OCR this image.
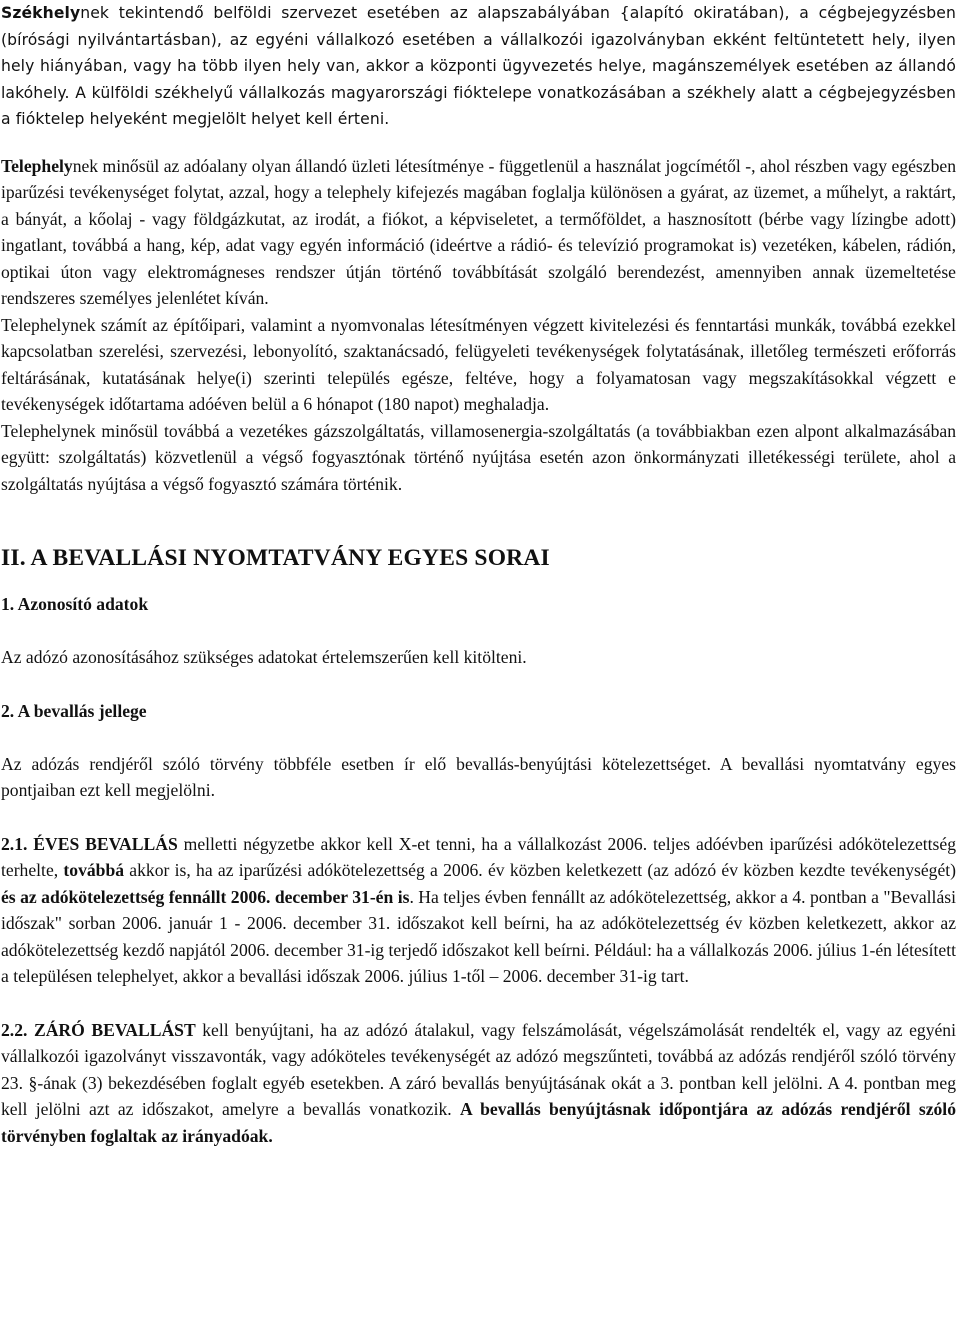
Székhelynek tekintendő belföldi szervezet esetében az alapszabályában {alapító okiratában), a cégbejegyzésben (bírósági nyilvántartásban), az egyéni vállalkozó esetében a vállalkozói igazolványban ekként feltüntetett hely, ilyen hely hiányában, vagy ha több ilyen hely van, akkor a központi ügyvezetés helye, magánszemélyek esetében az állandó lakóhely. A külföldi székhelyű vállalkozás magyarországi fióktelepe vonatkozásában a székhely alatt a cégbejegyzésben a fióktelep helyeként megjelölt helyet kell érteni.

Telephelynek minősül az adóalany olyan állandó üzleti létesítménye - függetlenül a használat jogcímétől -, ahol részben vagy egészben iparűzési tevékenységet folytat, azzal, hogy a telephely kifejezés magában foglalja különösen a gyárat, az üzemet, a műhelyt, a raktárt, a bányát, a kőolaj - vagy földgázkutat, az irodát, a fiókot, a képviseletet, a termőföldet, a hasznosított (bérbe vagy lízingbe adott) ingatlant, továbbá a hang, kép, adat vagy egyén információ (ideértve a rádió- és televízió programokat is) vezetéken, kábelen, rádión, optikai úton vagy elektromágneses rendszer útján történő továbbítását szolgáló berendezést, amennyiben annak üzemeltetése rendszeres személyes jelenlétet kíván.

Telephelynek számít az építőipari, valamint a nyomvonalas létesítményen végzett kivitelezési és fenntartási munkák, továbbá ezekkel kapcsolatban szerelési, szervezési, lebonyolító, szaktanácsadó, felügyeleti tevékenységek folytatásának, illetőleg természeti erőforrás feltárásának, kutatásának helye(i) szerinti település egésze, feltéve, hogy a folyamatosan vagy megszakításokkal végzett e tevékenységek időtartama adóéven belül a 6 hónapot (180 napot) meghaladja.

Telephelynek minősül továbbá a vezetékes gázszolgáltatás, villamosenergia-szolgáltatás (a továbbiakban ezen alpont alkalmazásában együtt: szolgáltatás) közvetlenül a végső fogyasztónak történő nyújtása esetén azon önkormányzati illetékességi területe, ahol a szolgáltatás nyújtása a végső fogyasztó számára történik.

II. A BEVALLÁSI NYOMTATVÁNY EGYES SORAI
1. Azonosító adatok

Az adózó azonosításához szükséges adatokat értelemszerűen kell kitölteni.

2. A bevallás jellege

Az adózás rendjéről szóló törvény többféle esetben ír elő bevallás-benyújtási kötelezettséget. A bevallási nyomtatvány egyes pontjaiban ezt kell megjelölni.

2.1. ÉVES BEVALLÁS melletti négyzetbe akkor kell X-et tenni, ha a vállalkozást 2006. teljes adóévben iparűzési adókötelezettség terhelte, továbbá akkor is, ha az iparűzési adókötelezettség a 2006. év közben keletkezett (az adózó év közben kezdte tevékenységét) és az adókötelezettség fennállt 2006. december 31-én is. Ha teljes évben fennállt az adókötelezettség, akkor a 4. pontban a "Bevallási időszak" sorban 2006. január 1 - 2006. december 31. időszakot kell beírni, ha az adókötelezettség év közben keletkezett, akkor az adókötelezettség kezdő napjától 2006. december 31-ig terjedő időszakot kell beírni. Például: ha a vállalkozás 2006. július 1-én létesített a településen telephelyet, akkor a bevallási időszak 2006. július 1-től – 2006. december 31-ig tart.

2.2. ZÁRÓ BEVALLÁST kell benyújtani, ha az adózó átalakul, vagy felszámolását, végelszámolását rendelték el, vagy az egyéni vállalkozói igazolványt visszavonták, vagy adóköteles tevékenységét az adózó megszűnteti, továbbá az adózás rendjéről szóló törvény 23. §-ának (3) bekezdésében foglalt egyéb esetekben. A záró bevallás benyújtásának okát a 3. pontban kell jelölni. A 4. pontban meg kell jelölni azt az időszakot, amelyre a bevallás vonatkozik. A bevallás benyújtásnak időpontjára az adózás rendjéről szóló törvényben foglaltak az irányadóak.
